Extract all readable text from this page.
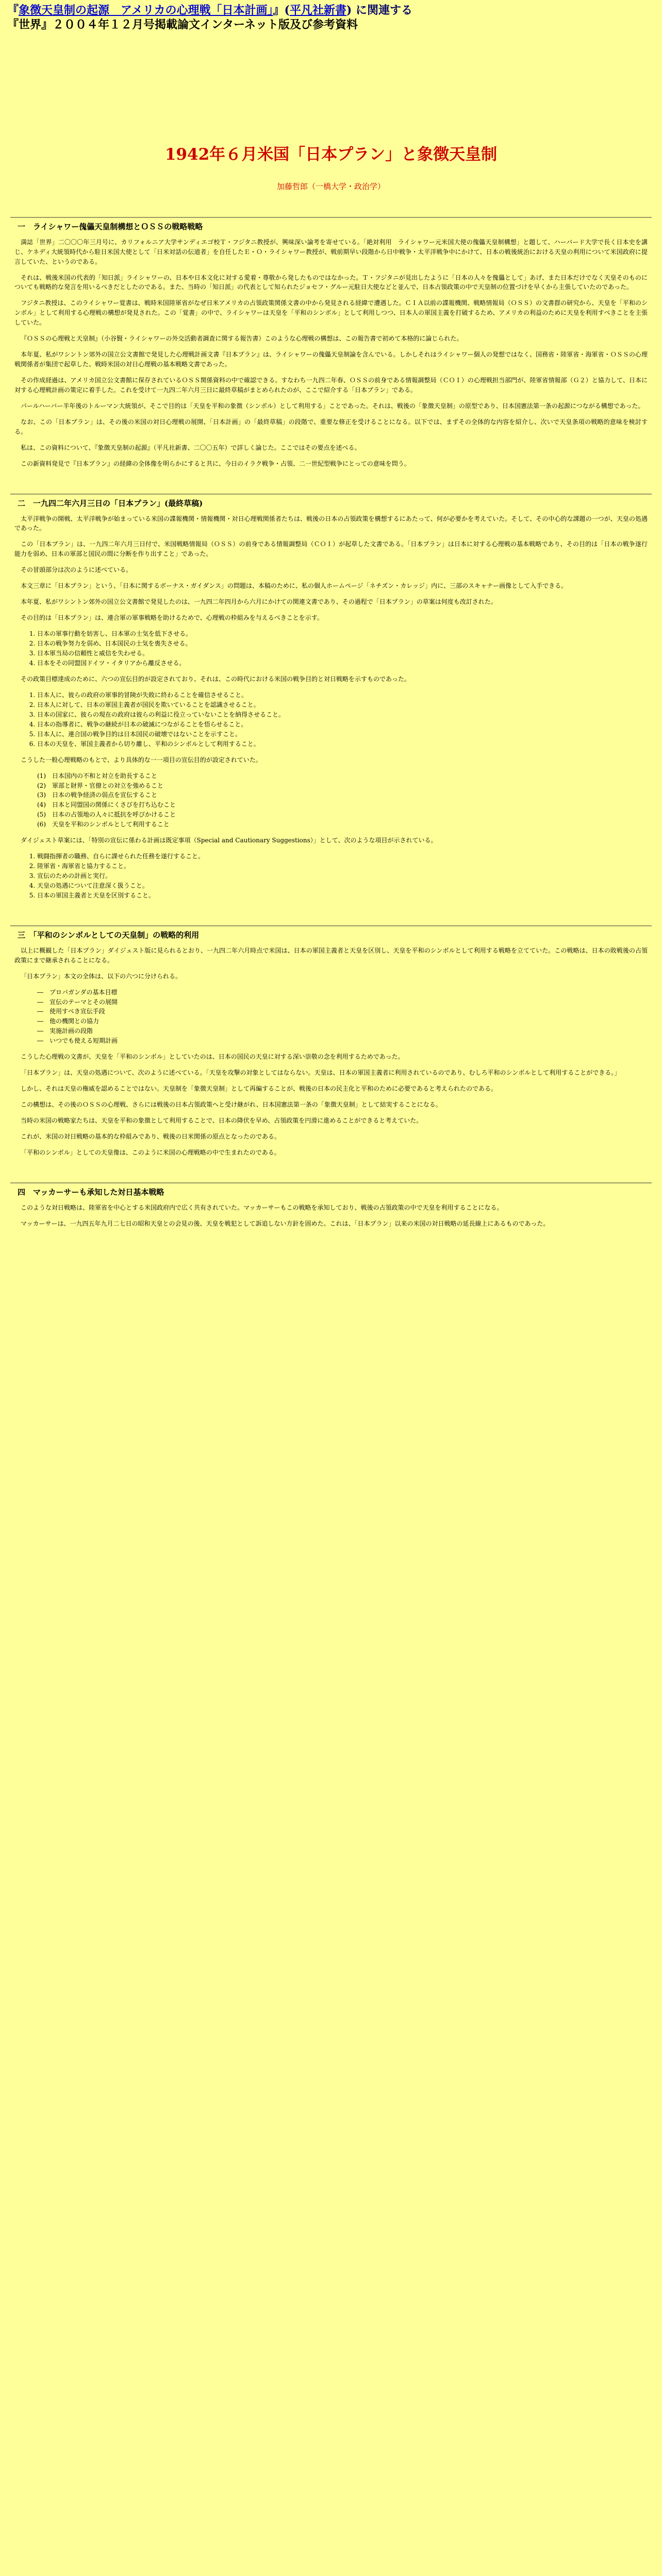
『象徴天皇制の起源　アメリカの心理戦「日本計画」』(平凡社新書) に関連する
『世界』２００４年１２月号掲載論文インターネット版及び参考資料
1942年６月米国「日本プラン」と象徴天皇制
加藤哲郎（一橋大学・政治学）
一　ライシャワー傀儡天皇制構想とＯＳＳの戦略戦略

満誌「世界」二〇〇〇年三月号に、カリフォルニア大学サンディエゴ校Ｔ・フジタニ教授が、興味深い論考を寄せている。「絶対利用　ライシャワー元米国大使の傀儡天皇制構想」と題して、ハーバード大学で長く日本史を講じ、ケネディ大統領時代から駐日米国大使として「日米対話の伝道者」を自任したＥ・Ｏ・ライシャワー教授が、戦前期早い段階から日中戦争・太平洋戦争中にかけて、日本の戦後統治における天皇の利用について米国政府に提言していた、というのである。

それは、戦後米国の代表的「知日派」ライシャワーの、日本や日本文化に対する愛着・尊敬から発したものではなかった。Ｔ・フジタニが見出したように「日本の人々を傀儡として」あげ、また日本だけでなく天皇そのものについても戦略的な発言を用いるべきだとしたのである。また、当時の「知日派」の代表として知られたジョセフ・グルー元駐日大使などと並んで、日本占領政策の中で天皇制の位置づけを早くから主張していたのであった。

フジタニ教授は、このライシャワー覚書は、戦時米国陸軍省がなぜ日米アメリカの占領政策関係文書の中から発見される経緯で遭遇した。ＣＩＡ以前の諜報機関、戦略情報局（ＯＳＳ）の文書群の研究から、天皇を「平和のシンボル」として利用する心理戦の構想が発見された。この「覚書」の中で、ライシャワーは天皇を「平和のシンボル」として利用しつつ、日本人の軍国主義を打破するため、アメリカの利益のために天皇を利用すべきことを主張していた。

『ＯＳＳの心理戦と天皇制』（小谷賢・ライシャワーの外交活動者調査に関する報告書）このような心理戦の構想は、この報告書で初めて本格的に論じられた。

本年夏、私がワシントン郊外の国立公文書館で発見した心理戦計画文書『日本プラン』は、ライシャワーの傀儡天皇制論を含んでいる。しかしそれはライシャワー個人の発想ではなく、国務省・陸軍省・海軍省・ＯＳＳの心理戦関係者が集団で起草した、戦時米国の対日心理戦の基本戦略文書であった。

その作成経過は、アメリカ国立公文書館に保存されているＯＳＳ関係資料の中で確認できる。すなわち一九四二年春、ＯＳＳの前身である情報調整局（ＣＯＩ）の心理戦担当部門が、陸軍省情報部（Ｇ２）と協力して、日本に対する心理戦計画の策定に着手した。これを受けて一九四二年六月三日に最終草稿がまとめられたのが、ここで紹介する「日本プラン」である。

パールハーバー半年後のトルーマン大統領が、そこで目的は「天皇を平和の象徴（シンボル）として利用する」ことであった。それは、戦後の「象徴天皇制」の原型であり、日本国憲法第一条の起源につながる構想であった。

なお、この「日本プラン」は、その後の米国の対日心理戦の展開、「日本計画」の「最終草稿」の段階で、重要な修正を受けることになる。以下では、まずその全体的な内容を紹介し、次いで天皇条項の戦略的意味を検討する。

私は、この資料について、『象徴天皇制の起源』（平凡社新書、二〇〇五年）で詳しく論じた。ここではその要点を述べる。

この新資料発見で『日本プラン』の経緯の全体像を明らかにすると共に、今日のイラク戦争・占領、二一世紀型戦争にとっての意味を問う。

二　一九四二年六月三日の「日本プラン」(最終草稿)

太平洋戦争の開戦、太平洋戦争が始まっている米国の諜報機関・情報機関・対日心理戦関係者たちは、戦後の日本の占領政策を構想するにあたって、何が必要かを考えていた。そして、その中心的な課題の一つが、天皇の処遇であった。

この「日本プラン」は、一九四二年六月三日付で、米国戦略情報局（ＯＳＳ）の前身である情報調整局（ＣＯＩ）が起草した文書である。「日本プラン」は日本に対する心理戦の基本戦略であり、その目的は「日本の戦争遂行能力を弱め、日本の軍部と国民の間に分断を作り出すこと」であった。

その冒頭部分は次のように述べている。

本文三章に「日本プラン」という、「日本に関するボーナス・ガイダンス」の問題は、本稿のために、私の個人ホームページ「ネチズン・カレッジ」内に、三部のスキャナー画像として入手できる。

本年夏、私がワシントン郊外の国立公文書館で発見したのは、一九四二年四月から六月にかけての関連文書であり、その過程で「日本プラン」の草案は何度も改訂された。

その目的は「日本プラン」は、連合軍の軍事戦略を助けるためで、心理戦の枠組みを与えるべきことを示す。

1. 日本の軍事行動を妨害し、日本軍の士気を低下させる。
2. 日本の戦争努力を弱め、日本国民の士気を喪失させる。
3. 日本軍当局の信頼性と威信を失わせる。
4. 日本をその同盟国ドイツ・イタリアから離反させる。

その政策目標達成のために、六つの宣伝目的が設定されており、それは、この時代における米国の戦争目的と対日戦略を示すものであった。

1. 日本人に、彼らの政府の軍事的冒険が失敗に終わることを確信させること。
2. 日本人に対して、日本の軍国主義者が国民を欺いていることを認識させること。
3. 日本の国家に、彼らの現在の政府は彼らの利益に役立っていないことを納得させること。
4. 日本の指導者に、戦争の継続が日本の破滅につながることを悟らせること。
5. 日本人に、連合国の戦争目的は日本国民の破壊ではないことを示すこと。
6. 日本の天皇を、軍国主義者から切り離し、平和のシンボルとして利用すること。

こうした一般心理戦略のもとで、より具体的な一一項目の宣伝目的が設定されていた。

(1)　日本国内の不和と対立を助長すること
(2)　軍部と財界・官僚との対立を強めること
(3)　日本の戦争経済の弱点を宣伝すること
(4)　日本と同盟国の関係にくさびを打ち込むこと
(5)　日本の占領地の人々に抵抗を呼びかけること
(6)　天皇を平和のシンボルとして利用すること

ダイジェスト草案には、「特別の宣伝に係わる計画は既定事項（Special and Cautionary Suggestions）」として、次のような項目が示されている。

1. 戦闘指揮者の職務、自らに課せられた任務を遂行すること。
2. 陸軍省・海軍省と協力すること。
3. 宣伝のための計画と実行。
4. 天皇の処遇について注意深く扱うこと。
5. 日本の軍国主義者と天皇を区別すること。
三　「平和のシンボルとしての天皇制」の戦略的利用

以上に概観した「日本プラン」ダイジェスト版に見られるとおり、一九四二年六月時点で米国は、日本の軍国主義者と天皇を区別し、天皇を平和のシンボルとして利用する戦略を立てていた。この戦略は、日本の敗戦後の占領政策にまで継承されることになる。

「日本プラン」本文の全体は、以下の六つに分けられる。

―　プロパガンダの基本目標
―　宣伝のテーマとその展開
―　使用すべき宣伝手段
―　他の機関との協力
―　実施計画の段階
―　いつでも使える短期計画

こうした心理戦の文書が、天皇を「平和のシンボル」としていたのは、日本の国民の天皇に対する深い崇敬の念を利用するためであった。

「日本プラン」は、天皇の処遇について、次のように述べている。「天皇を攻撃の対象としてはならない。天皇は、日本の軍国主義者に利用されているのであり、むしろ平和のシンボルとして利用することができる。」

しかし、それは天皇の権威を認めることではない。天皇制を「象徴天皇制」として再編することが、戦後の日本の民主化と平和のために必要であると考えられたのである。

この構想は、その後のＯＳＳの心理戦、さらには戦後の日本占領政策へと受け継がれ、日本国憲法第一条の「象徴天皇制」として結実することになる。

当時の米国の戦略家たちは、天皇を平和の象徴として利用することで、日本の降伏を早め、占領政策を円滑に進めることができると考えていた。

これが、米国の対日戦略の基本的な枠組みであり、戦後の日米関係の原点となったのである。

「平和のシンボル」としての天皇像は、このように米国の心理戦略の中で生まれたのである。

四　マッカーサーも承知した対日基本戦略

このような対日戦略は、陸軍省を中心とする米国政府内で広く共有されていた。マッカーサーもこの戦略を承知しており、戦後の占領政策の中で天皇を利用することになる。

マッカーサーは、一九四五年九月二七日の昭和天皇との会見の後、天皇を戦犯として訴追しない方針を固めた。これは、「日本プラン」以来の米国の対日戦略の延長線上にあるものであった。
